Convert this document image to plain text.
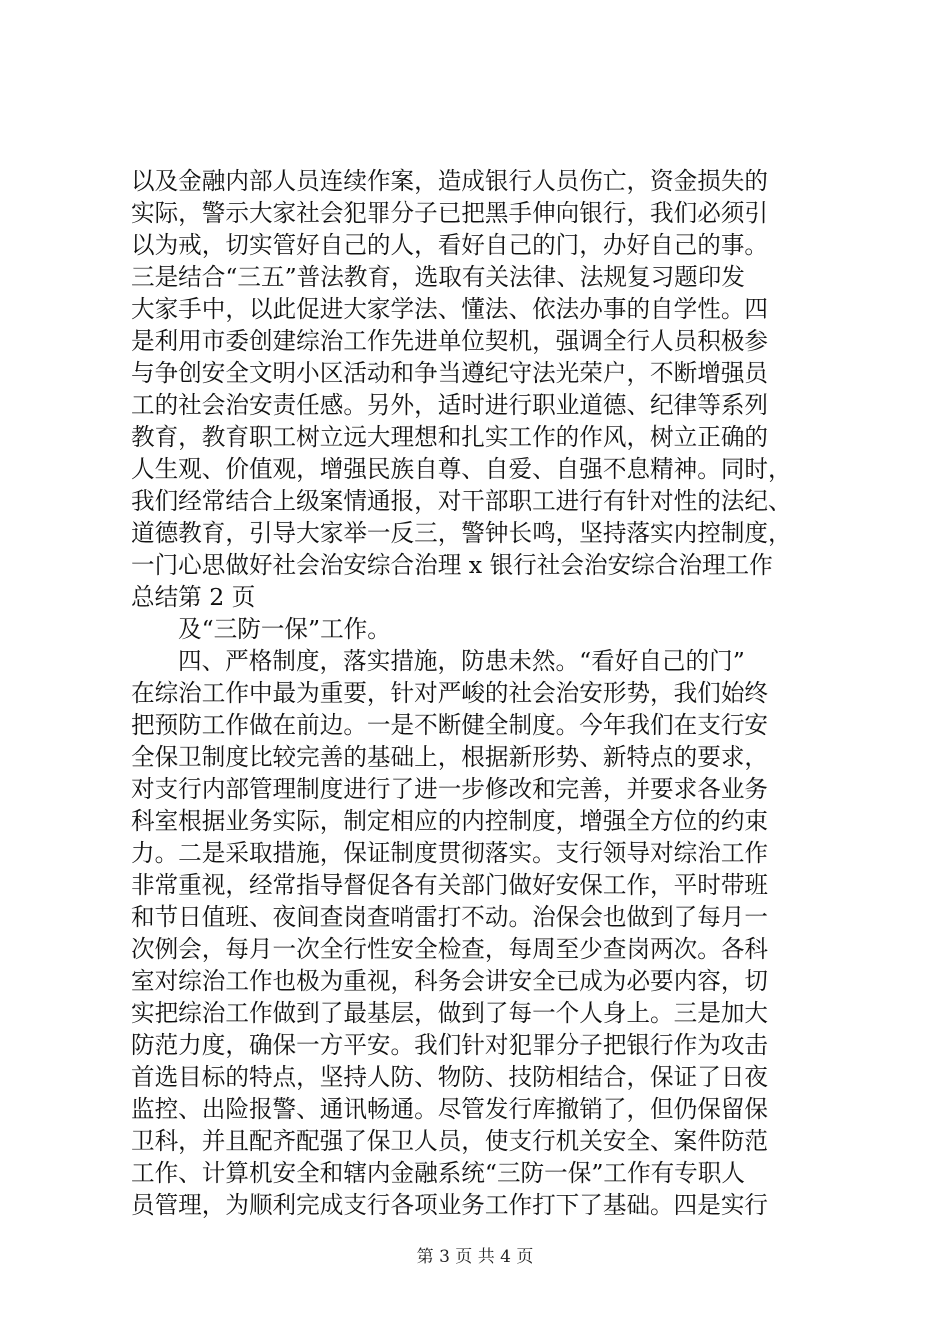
以及金融内部人员连续作案，造成银行人员伤亡，资金损失的
实际，警示大家社会犯罪分子已把黑手伸向银行，我们必须引
以为戒，切实管好自己的人，看好自己的门，办好自己的事。
三是结合“三五”普法教育，选取有关法律、法规复习题印发
大家手中，以此促进大家学法、懂法、依法办事的自学性。四
是利用市委创建综治工作先进单位契机，强调全行人员积极参
与争创安全文明小区活动和争当遵纪守法光荣户，不断增强员
工的社会治安责任感。另外，适时进行职业道德、纪律等系列
教育，教育职工树立远大理想和扎实工作的作风，树立正确的
人生观、价值观，增强民族自尊、自爱、自强不息精神。同时，
我们经常结合上级案情通报，对干部职工进行有针对性的法纪、
道德教育，引导大家举一反三，警钟长鸣，坚持落实内控制度，
一门心思做好社会治安综合治理 x 银行社会治安综合治理工作
总结第 2 页
及“三防一保”工作。
四、严格制度，落实措施，防患未然。“看好自己的门”
在综治工作中最为重要，针对严峻的社会治安形势，我们始终
把预防工作做在前边。一是不断健全制度。今年我们在支行安
全保卫制度比较完善的基础上，根据新形势、新特点的要求，
对支行内部管理制度进行了进一步修改和完善，并要求各业务
科室根据业务实际，制定相应的内控制度，增强全方位的约束
力。二是采取措施，保证制度贯彻落实。支行领导对综治工作
非常重视，经常指导督促各有关部门做好安保工作，平时带班
和节日值班、夜间查岗查哨雷打不动。治保会也做到了每月一
次例会，每月一次全行性安全检查，每周至少查岗两次。各科
室对综治工作也极为重视，科务会讲安全已成为必要内容，切
实把综治工作做到了最基层，做到了每一个人身上。三是加大
防范力度，确保一方平安。我们针对犯罪分子把银行作为攻击
首选目标的特点，坚持人防、物防、技防相结合，保证了日夜
监控、出险报警、通讯畅通。尽管发行库撤销了，但仍保留保
卫科，并且配齐配强了保卫人员，使支行机关安全、案件防范
工作、计算机安全和辖内金融系统“三防一保”工作有专职人
员管理，为顺利完成支行各项业务工作打下了基础。四是实行
第 3 页 共 4 页
